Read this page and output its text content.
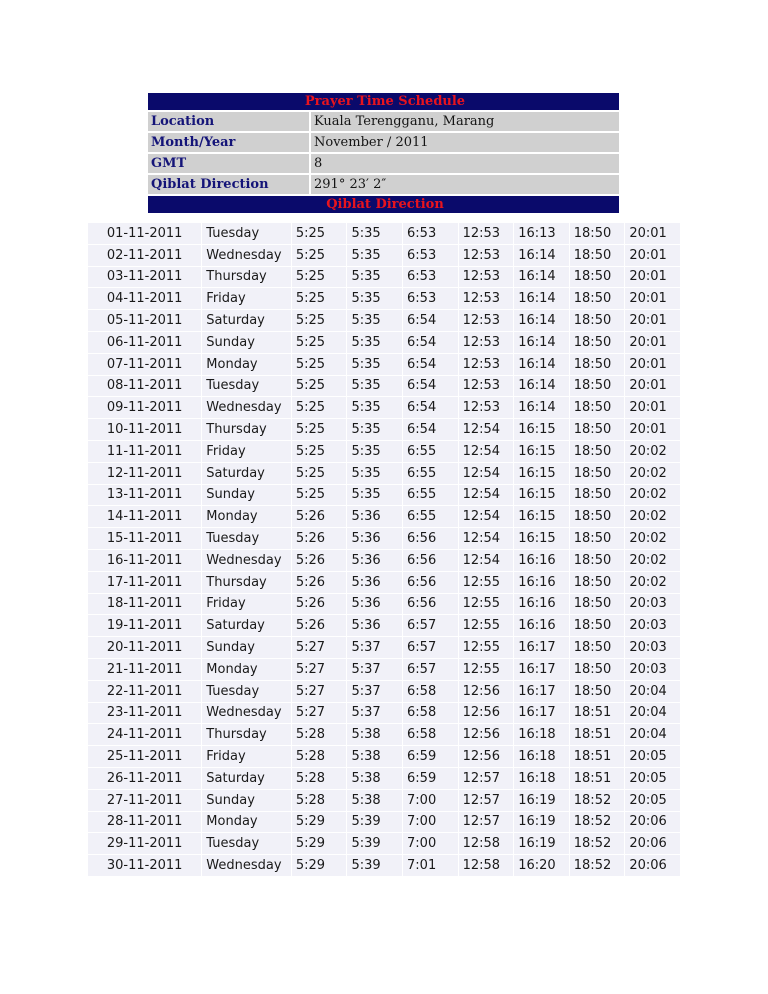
Prayer Time Schedule	
Location	Kuala Terengganu, Marang
Month/Year	November / 2011
GMT	8
Qiblat Direction	291° 23′ 2″
Qiblat Direction	
01-11-2011	Tuesday	5:25	5:35	6:53	12:53	16:13	18:50	20:01
02-11-2011	Wednesday	5:25	5:35	6:53	12:53	16:14	18:50	20:01
03-11-2011	Thursday	5:25	5:35	6:53	12:53	16:14	18:50	20:01
04-11-2011	Friday	5:25	5:35	6:53	12:53	16:14	18:50	20:01
05-11-2011	Saturday	5:25	5:35	6:54	12:53	16:14	18:50	20:01
06-11-2011	Sunday	5:25	5:35	6:54	12:53	16:14	18:50	20:01
07-11-2011	Monday	5:25	5:35	6:54	12:53	16:14	18:50	20:01
08-11-2011	Tuesday	5:25	5:35	6:54	12:53	16:14	18:50	20:01
09-11-2011	Wednesday	5:25	5:35	6:54	12:53	16:14	18:50	20:01
10-11-2011	Thursday	5:25	5:35	6:54	12:54	16:15	18:50	20:01
11-11-2011	Friday	5:25	5:35	6:55	12:54	16:15	18:50	20:02
12-11-2011	Saturday	5:25	5:35	6:55	12:54	16:15	18:50	20:02
13-11-2011	Sunday	5:25	5:35	6:55	12:54	16:15	18:50	20:02
14-11-2011	Monday	5:26	5:36	6:55	12:54	16:15	18:50	20:02
15-11-2011	Tuesday	5:26	5:36	6:56	12:54	16:15	18:50	20:02
16-11-2011	Wednesday	5:26	5:36	6:56	12:54	16:16	18:50	20:02
17-11-2011	Thursday	5:26	5:36	6:56	12:55	16:16	18:50	20:02
18-11-2011	Friday	5:26	5:36	6:56	12:55	16:16	18:50	20:03
19-11-2011	Saturday	5:26	5:36	6:57	12:55	16:16	18:50	20:03
20-11-2011	Sunday	5:27	5:37	6:57	12:55	16:17	18:50	20:03
21-11-2011	Monday	5:27	5:37	6:57	12:55	16:17	18:50	20:03
22-11-2011	Tuesday	5:27	5:37	6:58	12:56	16:17	18:50	20:04
23-11-2011	Wednesday	5:27	5:37	6:58	12:56	16:17	18:51	20:04
24-11-2011	Thursday	5:28	5:38	6:58	12:56	16:18	18:51	20:04
25-11-2011	Friday	5:28	5:38	6:59	12:56	16:18	18:51	20:05
26-11-2011	Saturday	5:28	5:38	6:59	12:57	16:18	18:51	20:05
27-11-2011	Sunday	5:28	5:38	7:00	12:57	16:19	18:52	20:05
28-11-2011	Monday	5:29	5:39	7:00	12:57	16:19	18:52	20:06
29-11-2011	Tuesday	5:29	5:39	7:00	12:58	16:19	18:52	20:06
30-11-2011	Wednesday	5:29	5:39	7:01	12:58	16:20	18:52	20:06
